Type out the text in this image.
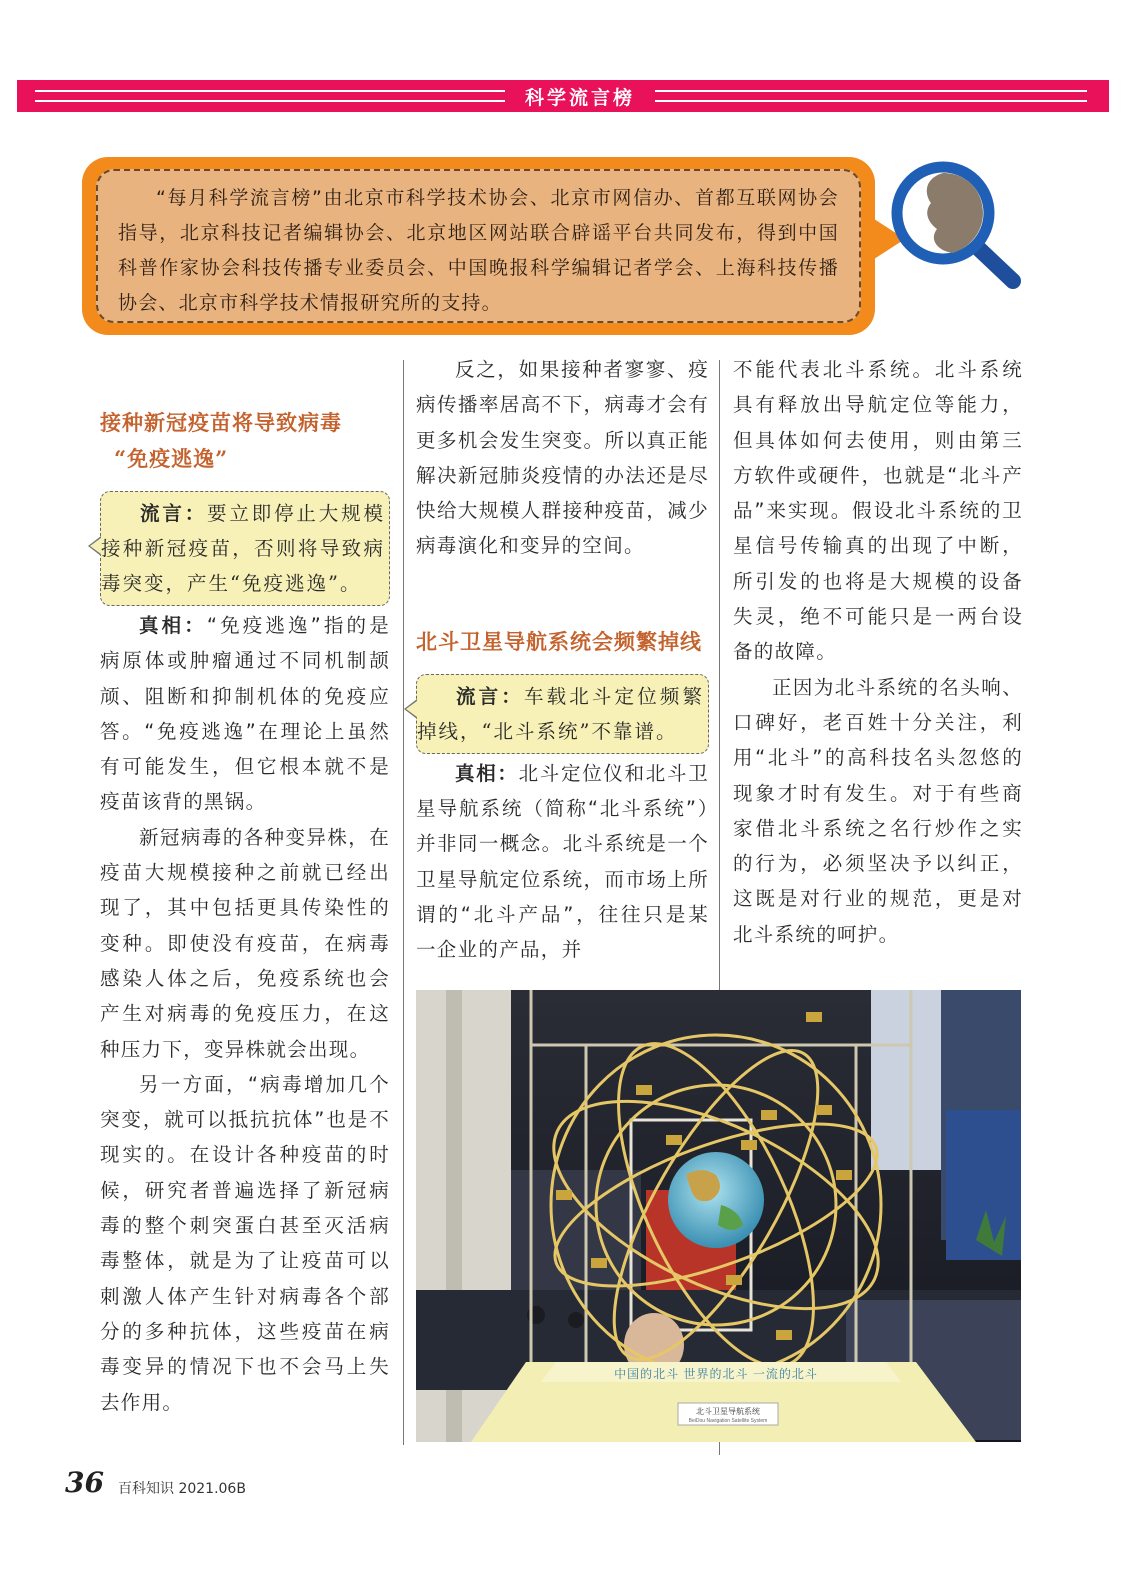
科学流言榜

“每月科学流言榜”由北京市科学技术协会、北京市网信办、首都互联网协会指导，北京科技记者编辑协会、北京地区网站联合辟谣平台共同发布，得到中国科普作家协会科技传播专业委员会、中国晚报科学编辑记者学会、上海科技传播协会、北京市科学技术情报研究所的支持。

接种新冠疫苗将导致病毒
“免疫逃逸”

流言：要立即停止大规模接种新冠疫苗，否则将导致病毒突变，产生“免疫逃逸”。

真相：“免疫逃逸”指的是病原体或肿瘤通过不同机制颉颃、阻断和抑制机体的免疫应答。“免疫逃逸”在理论上虽然有可能发生，但它根本就不是疫苗该背的黑锅。

新冠病毒的各种变异株，在疫苗大规模接种之前就已经出现了，其中包括更具传染性的变种。即使没有疫苗，在病毒感染人体之后，免疫系统也会产生对病毒的免疫压力，在这种压力下，变异株就会出现。

另一方面，“病毒增加几个突变，就可以抵抗抗体”也是不现实的。在设计各种疫苗的时候，研究者普遍选择了新冠病毒的整个刺突蛋白甚至灭活病毒整体，就是为了让疫苗可以刺激人体产生针对病毒各个部分的多种抗体，这些疫苗在病毒变异的情况下也不会马上失去作用。

反之，如果接种者寥寥、疫病传播率居高不下，病毒才会有更多机会发生突变。所以真正能解决新冠肺炎疫情的办法还是尽快给大规模人群接种疫苗，减少病毒演化和变异的空间。

北斗卫星导航系统会频繁掉线

流言：车载北斗定位频繁掉线，“北斗系统”不靠谱。

真相：北斗定位仪和北斗卫星导航系统（简称“北斗系统”）并非同一概念。北斗系统是一个卫星导航定位系统，而市场上所谓的“北斗产品”，往往只是某一企业的产品，并

不能代表北斗系统。北斗系统具有释放出导航定位等能力，但具体如何去使用，则由第三方软件或硬件，也就是“北斗产品”来实现。假设北斗系统的卫星信号传输真的出现了中断，所引发的也将是大规模的设备失灵，绝不可能只是一两台设备的故障。

正因为北斗系统的名头响、口碑好，老百姓十分关注，利用“北斗”的高科技名头忽悠的现象才时有发生。对于有些商家借北斗系统之名行炒作之实的行为，必须坚决予以纠正，这既是对行业的规范，更是对北斗系统的呵护。

中国的北斗 世界的北斗 一流的北斗
北斗卫星导航系统
BeiDou Navigation Satellite System
36 百科知识 2021.06B
